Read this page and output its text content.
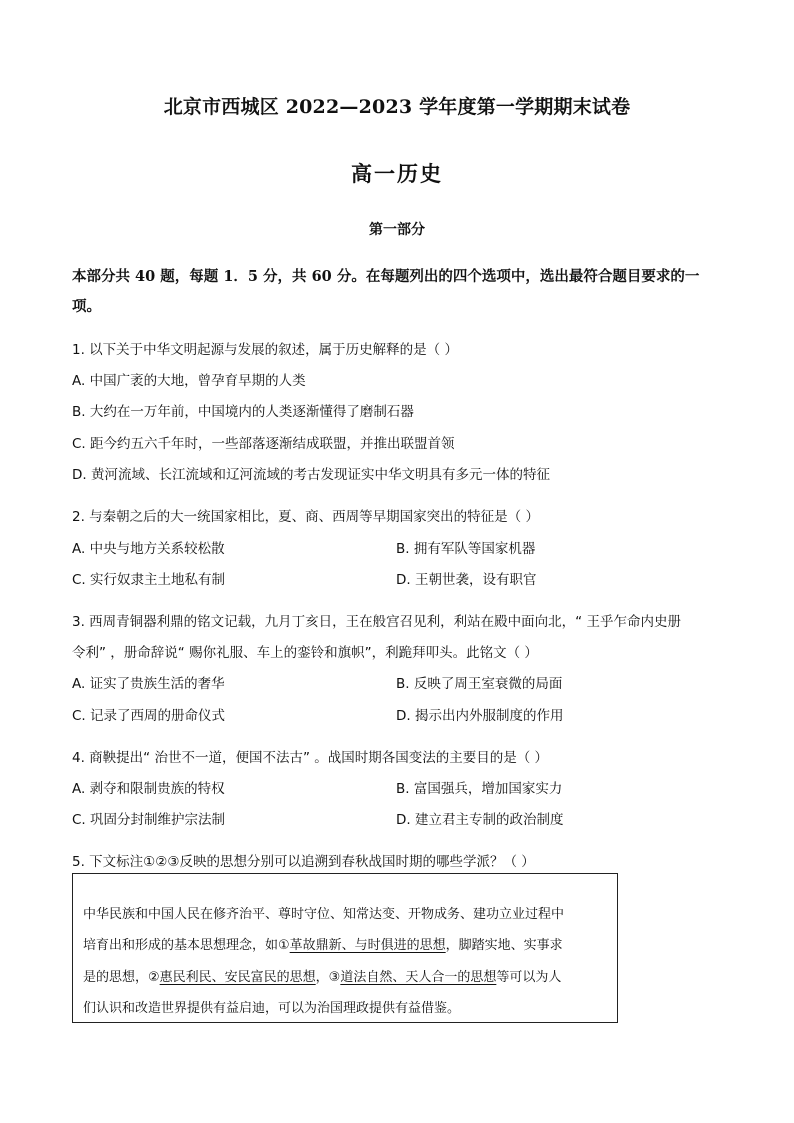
北京市西城区 2022—2023 学年度第一学期期末试卷
高一历史
第一部分
本部分共 40 题，每题 1．5 分，共 60 分。在每题列出的四个选项中，选出最符合题目要求的一项。
1. 以下关于中华文明起源与发展的叙述，属于历史解释的是（ ）
A. 中国广袤的大地，曾孕育早期的人类
B. 大约在一万年前，中国境内的人类逐渐懂得了磨制石器
C. 距今约五六千年时，一些部落逐渐结成联盟，并推出联盟首领
D. 黄河流域、长江流域和辽河流域的考古发现证实中华文明具有多元一体的特征
2. 与秦朝之后的大一统国家相比，夏、商、西周等早期国家突出的特征是（ ）
A. 中央与地方关系较松散	B. 拥有军队等国家机器
C. 实行奴隶主土地私有制	D. 王朝世袭，设有职官
3. 西周青铜器利鼎的铭文记载，九月丁亥日，王在般宫召见利，利站在殿中面向北，“ 王乎乍命内史册
令利” ，册命辞说“ 赐你礼服、车上的銮铃和旗帜”，利跪拜叩头。此铭文（ ）
A. 证实了贵族生活的奢华	B. 反映了周王室衰微的局面
C. 记录了西周的册命仪式	D. 揭示出内外服制度的作用
4. 商鞅提出“ 治世不一道，便国不法古” 。战国时期各国变法的主要目的是（ ）
A. 剥夺和限制贵族的特权	B. 富国强兵，增加国家实力
C. 巩固分封制维护宗法制	D. 建立君主专制的政治制度
5. 下文标注①②③反映的思想分别可以追溯到春秋战国时期的哪些学派？（ ）
中华民族和中国人民在修齐治平、尊时守位、知常达变、开物成务、建功立业过程中
培育出和形成的基本思想理念，如①革故鼎新、与时俱进的思想，脚踏实地、实事求
是的思想，②惠民利民、安民富民的思想，③道法自然、天人合一的思想等可以为人
们认识和改造世界提供有益启迪，可以为治国理政提供有益借鉴。
